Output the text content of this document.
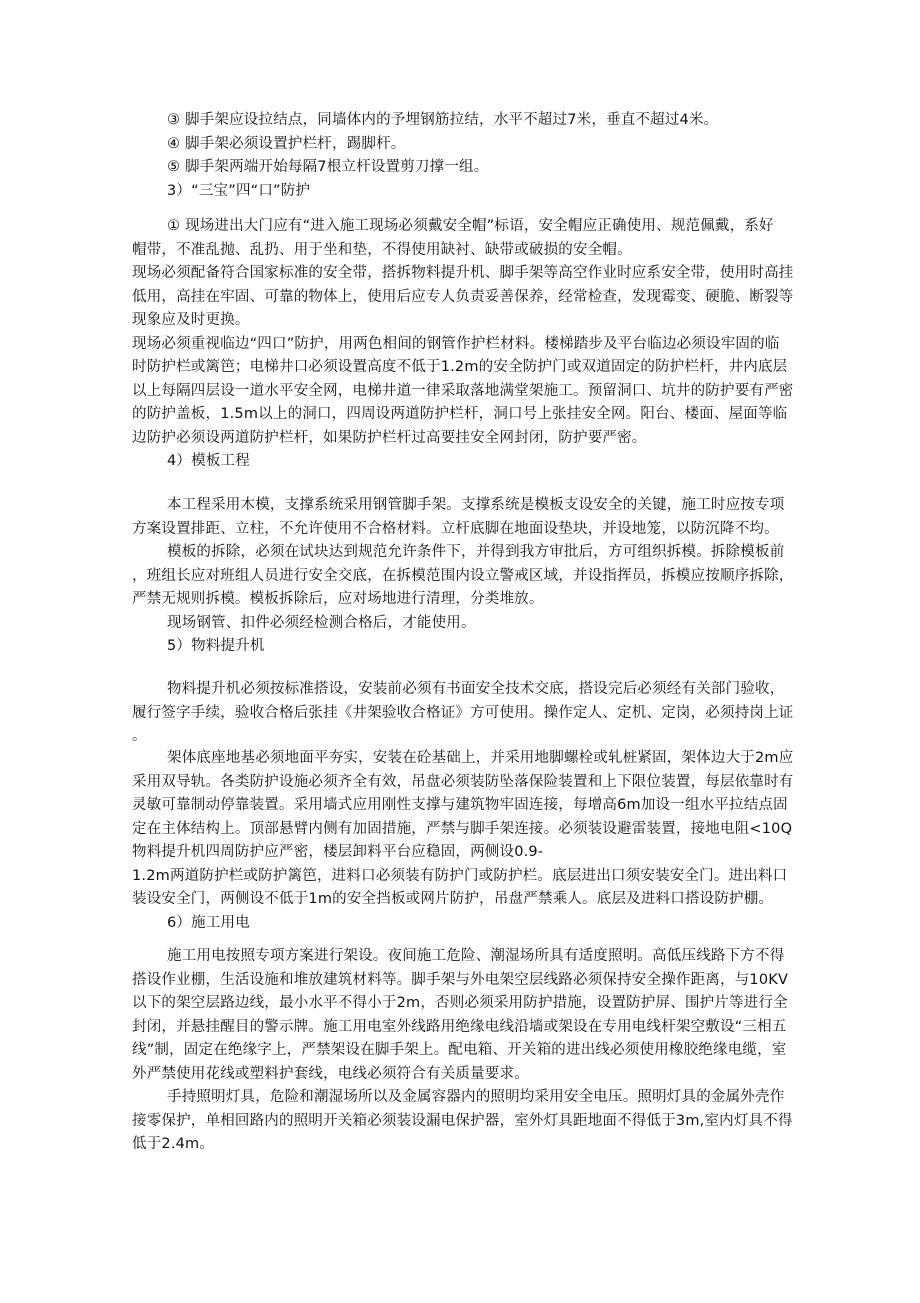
③ 脚手架应设拉结点，同墙体内的予埋钢筋拉结，水平不超过7米，垂直不超过4米。
④ 脚手架必须设置护栏杆，踢脚杆。
⑤ 脚手架两端开始每隔7根立杆设置剪刀撑一组。
3）“三宝”四“口”防护
① 现场进出大门应有“进入施工现场必须戴安全帽”标语，安全帽应正确使用、规范佩戴，系好
帽带，不准乱抛、乱扔、用于坐和垫，不得使用缺衬、缺带或破损的安全帽。
现场必须配备符合国家标准的安全带，搭拆物料提升机、脚手架等高空作业时应系安全带，使用时高挂
低用，高挂在牢固、可靠的物体上，使用后应专人负责妥善保养，经常检查，发现霉变、硬脆、断裂等
现象应及时更换。
现场必须重视临边“四口”防护，用两色相间的钢管作护栏材料。楼梯踏步及平台临边必须设牢固的临
时防护栏或篱笆；电梯井口必须设置高度不低于1.2m的安全防护门或双道固定的防护栏杆，井内底层
以上每隔四层设一道水平安全网，电梯井道一律采取落地满堂架施工。预留洞口、坑井的防护要有严密
的防护盖板，1.5m以上的洞口，四周设两道防护栏杆，洞口号上张挂安全网。阳台、楼面、屋面等临
边防护必须设两道防护栏杆，如果防护栏杆过高要挂安全网封闭，防护要严密。
4）模板工程
本工程采用木模，支撑系统采用钢管脚手架。支撑系统是模板支设安全的关键，施工时应按专项
方案设置排距、立柱，不允许使用不合格材料。立杆底脚在地面设垫块，并设地笼，以防沉降不均。
模板的拆除，必须在试块达到规范允许条件下，并得到我方审批后，方可组织拆模。拆除模板前
，班组长应对班组人员进行安全交底，在拆模范围内设立警戒区域，并设指挥员，拆模应按顺序拆除，
严禁无规则拆模。模板拆除后，应对场地进行清理，分类堆放。
现场钢管、扣件必须经检测合格后，才能使用。
5）物料提升机
物料提升机必须按标准搭设，安装前必须有书面安全技术交底，搭设完后必须经有关部门验收，
履行签字手续，验收合格后张挂《井架验收合格证》方可使用。操作定人、定机、定岗，必须持岗上证
。
架体底座地基必须地面平夯实，安装在砼基础上，并采用地脚螺栓或轧桩紧固，架体边大于2m应
采用双导轨。各类防护设施必须齐全有效，吊盘必须装防坠落保险装置和上下限位装置，每层依靠时有
灵敏可靠制动停靠装置。采用墙式应用刚性支撑与建筑物牢固连接，每增高6m加设一组水平拉结点固
定在主体结构上。顶部悬臂内侧有加固措施，严禁与脚手架连接。必须装设避雷装置，接地电阻<10Q
物料提升机四周防护应严密，楼层卸料平台应稳固，两侧设0.9-
1.2m两道防护栏或防护篱笆，进料口必须装有防护门或防护栏。底层进出口须安装安全门。进出料口
装设安全门，两侧设不低于1m的安全挡板或网片防护，吊盘严禁乘人。底层及进料口搭设防护棚。
6）施工用电
施工用电按照专项方案进行架设。夜间施工危险、潮湿场所具有适度照明。高低压线路下方不得
搭设作业棚，生活设施和堆放建筑材料等。脚手架与外电架空层线路必须保持安全操作距离，与10KV
以下的架空层路边线，最小水平不得小于2m，否则必须采用防护措施，设置防护屏、围护片等进行全
封闭，并悬挂醒目的警示牌。施工用电室外线路用绝缘电线沿墙或架设在专用电线杆架空敷设“三相五
线”制，固定在绝缘字上，严禁架设在脚手架上。配电箱、开关箱的进出线必须使用橡胶绝缘电缆，室
外严禁使用花线或塑料护套线，电线必须符合有关质量要求。
手持照明灯具，危险和潮湿场所以及金属容器内的照明均采用安全电压。照明灯具的金属外壳作
接零保护，单相回路内的照明开关箱必须装设漏电保护器，室外灯具距地面不得低于3m,室内灯具不得
低于2.4m。
